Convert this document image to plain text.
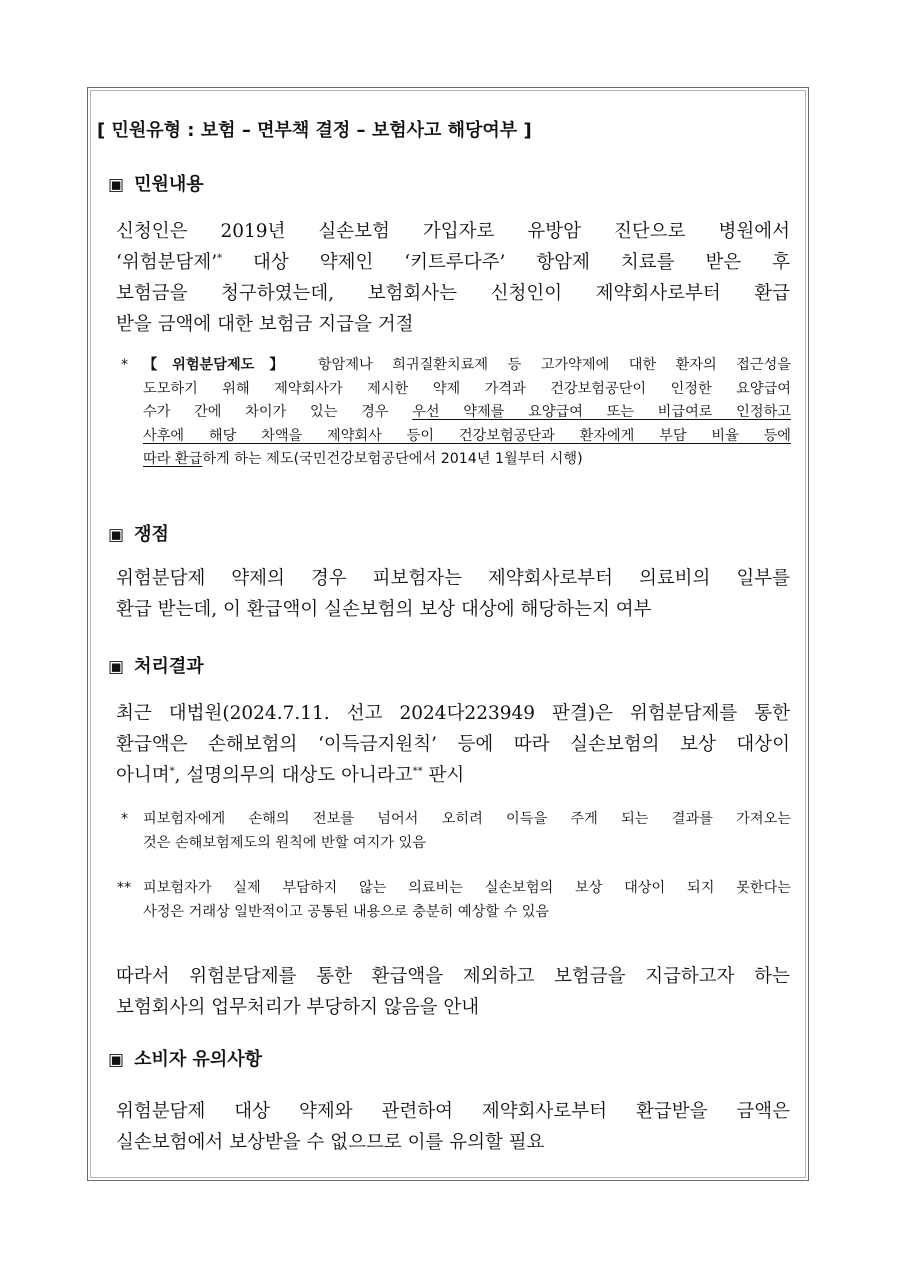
[ 민원유형 : 보험 – 면부책 결정 – 보험사고 해당여부 ]
▣ 민원내용
신청인은 2019년 실손보험 가입자로 유방암 진단으로 병원에서
‘위험분담제’* 대상 약제인 ‘키트루다주’ 항암제 치료를 받은 후
보험금을 청구하였는데, 보험회사는 신청인이 제약회사로부터 환급
받을 금액에 대한 보험금 지급을 거절
* 【위험분담제도】 항암제나 희귀질환치료제 등 고가약제에 대한 환자의 접근성을
도모하기 위해 제약회사가 제시한 약제 가격과 건강보험공단이 인정한 요양급여
수가 간에 차이가 있는 경우 우선 약제를 요양급여 또는 비급여로 인정하고
사후에 해당 차액을 제약회사 등이 건강보험공단과 환자에게 부담 비율 등에
따라 환급하게 하는 제도(국민건강보험공단에서 2014년 1월부터 시행)
▣ 쟁점
위험분담제 약제의 경우 피보험자는 제약회사로부터 의료비의 일부를
환급 받는데, 이 환급액이 실손보험의 보상 대상에 해당하는지 여부
▣ 처리결과
최근 대법원(2024.7.11. 선고 2024다223949 판결)은 위험분담제를 통한
환급액은 손해보험의 ‘이득금지원칙’ 등에 따라 실손보험의 보상 대상이
아니며*, 설명의무의 대상도 아니라고** 판시
* 피보험자에게 손해의 전보를 넘어서 오히려 이득을 주게 되는 결과를 가져오는
것은 손해보험제도의 원칙에 반할 여지가 있음
** 피보험자가 실제 부담하지 않는 의료비는 실손보험의 보상 대상이 되지 못한다는
사정은 거래상 일반적이고 공통된 내용으로 충분히 예상할 수 있음
따라서 위험분담제를 통한 환급액을 제외하고 보험금을 지급하고자 하는
보험회사의 업무처리가 부당하지 않음을 안내
▣ 소비자 유의사항
위험분담제 대상 약제와 관련하여 제약회사로부터 환급받을 금액은
실손보험에서 보상받을 수 없으므로 이를 유의할 필요
